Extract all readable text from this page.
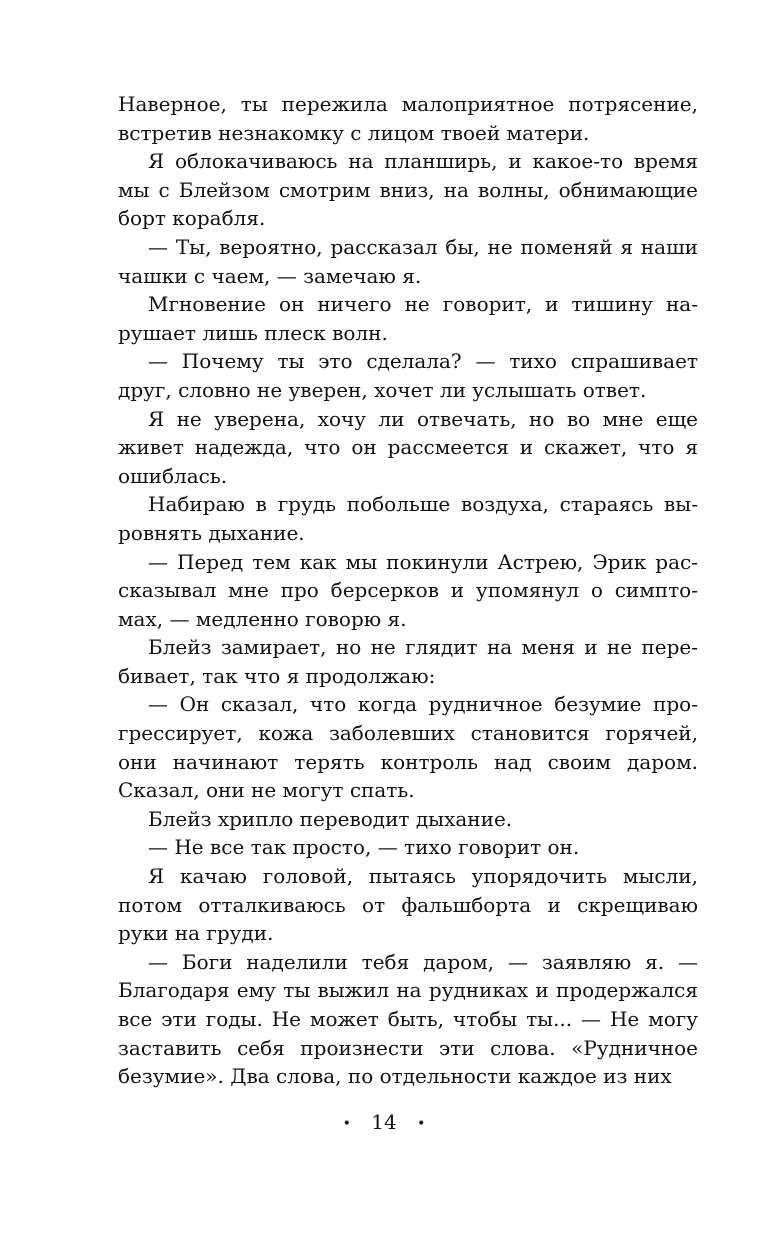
Наверное, ты пережила малоприятное потрясение, встретив незнакомку с лицом твоей матери.

Я облокачиваюсь на планширь, и какое-то время мы с Блейзом смотрим вниз, на волны, обнимающие борт корабля.

— Ты, вероятно, рассказал бы, не поменяй я наши чашки с чаем, — замечаю я.

Мгновение он ничего не говорит, и тишину нарушает лишь плеск волн.

— Почему ты это сделала? — тихо спрашивает друг, словно не уверен, хочет ли услышать ответ.

Я не уверена, хочу ли отвечать, но во мне еще живет надежда, что он рассмеется и скажет, что я ошиблась.

Набираю в грудь побольше воздуха, стараясь выровнять дыхание.

— Перед тем как мы покинули Астрею, Эрик рассказывал мне про берсерков и упомянул о симптомах, — медленно говорю я.

Блейз замирает, но не глядит на меня и не перебивает, так что я продолжаю:

— Он сказал, что когда рудничное безумие прогрессирует, кожа заболевших становится горячей, они начинают терять контроль над своим даром. Сказал, они не могут спать.

Блейз хрипло переводит дыхание.

— Не все так просто, — тихо говорит он.

Я качаю головой, пытаясь упорядочить мысли, потом отталкиваюсь от фальшборта и скрещиваю руки на груди.

— Боги наделили тебя даром, — заявляю я. — Благодаря ему ты выжил на рудниках и продержался все эти годы. Не может быть, чтобы ты... — Не могу заставить себя произнести эти слова. «Рудничное безумие». Два слова, по отдельности каждое из них

• 14 •
